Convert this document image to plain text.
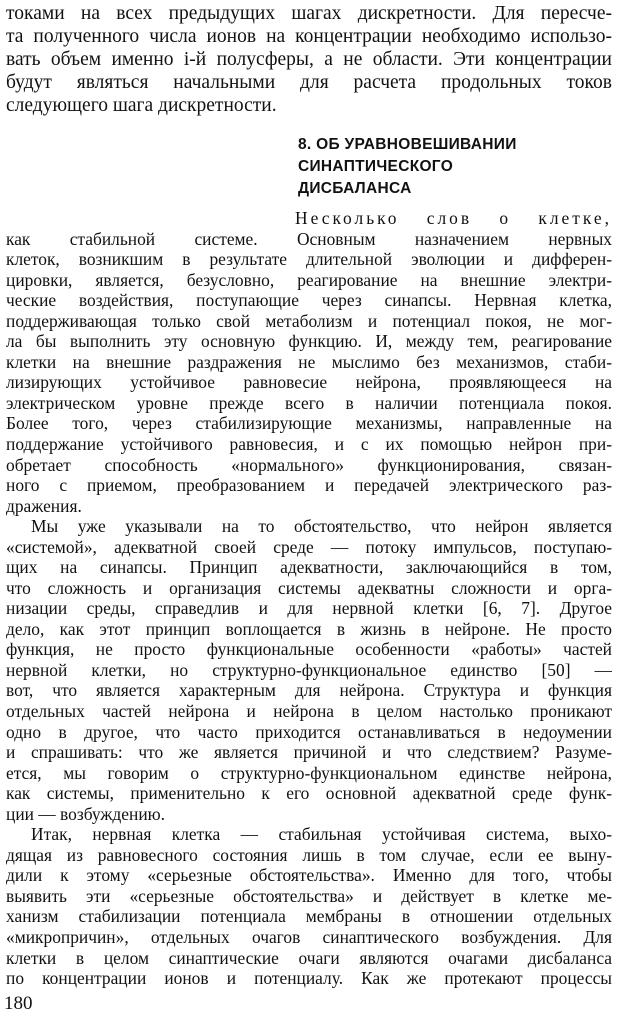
токами на всех предыдущих шагах дискретности. Для пересче-
та полученного числа ионов на концентрации необходимо использо-
вать объем именно i-й полусферы, а не области. Эти концентрации
будут являться начальными для расчета продольных токов
следующего шага дискретности.
8. ОБ УРАВНОВЕШИВАНИИ
СИНАПТИЧЕСКОГО
ДИСБАЛАНСА
Несколько слов о клетке,
как стабильной системе. Основным назначением нервных
клеток, возникшим в результате длительной эволюции и дифферен-
цировки, является, безусловно, реагирование на внешние электри-
ческие воздействия, поступающие через синапсы. Нервная клетка,
поддерживающая только свой метаболизм и потенциал покоя, не мог-
ла бы выполнить эту основную функцию. И, между тем, реагирование
клетки на внешние раздражения не мыслимо без механизмов, стаби-
лизирующих устойчивое равновесие нейрона, проявляющееся на
электрическом уровне прежде всего в наличии потенциала покоя.
Более того, через стабилизирующие механизмы, направленные на
поддержание устойчивого равновесия, и с их помощью нейрон при-
обретает способность «нормального» функционирования, связан-
ного с приемом, преобразованием и передачей электрического раз-
дражения.
Мы уже указывали на то обстоятельство, что нейрон является
«системой», адекватной своей среде — потоку импульсов, поступаю-
щих на синапсы. Принцип адекватности, заключающийся в том,
что сложность и организация системы адекватны сложности и орга-
низации среды, справедлив и для нервной клетки [6, 7]. Другое
дело, как этот принцип воплощается в жизнь в нейроне. Не просто
функция, не просто функциональные особенности «работы» частей
нервной клетки, но структурно-функциональное единство [50] —
вот, что является характерным для нейрона. Структура и функция
отдельных частей нейрона и нейрона в целом настолько проникают
одно в другое, что часто приходится останавливаться в недоумении
и спрашивать: что же является причиной и что следствием? Разуме-
ется, мы говорим о структурно-функциональном единстве нейрона,
как системы, применительно к его основной адекватной среде функ-
ции — возбуждению.
Итак, нервная клетка — стабильная устойчивая система, выхо-
дящая из равновесного состояния лишь в том случае, если ее выну-
дили к этому «серьезные обстоятельства». Именно для того, чтобы
выявить эти «серьезные обстоятельства» и действует в клетке ме-
ханизм стабилизации потенциала мембраны в отношении отдельных
«микропричин», отдельных очагов синаптического возбуждения. Для
клетки в целом синаптические очаги являются очагами дисбаланса
по концентрации ионов и потенциалу. Как же протекают процессы
180
